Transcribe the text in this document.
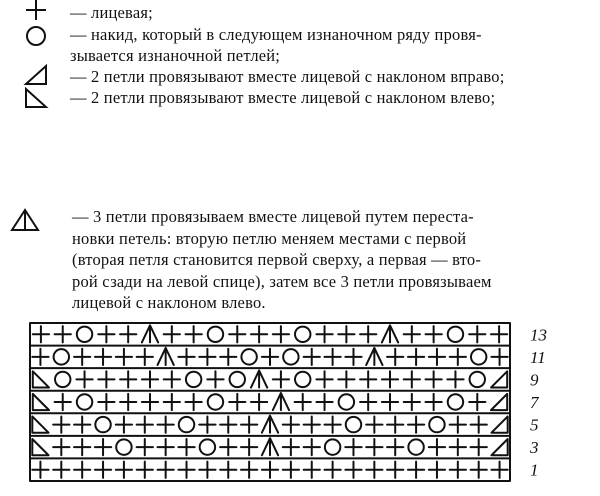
— лицевая;
— накид, который в следующем изнаночном ряду провя-
зывается изнаночной петлей;
— 2 петли провязывают вместе лицевой с наклоном вправо;
— 2 петли провязывают вместе лицевой с наклоном влево;
— 3 петли провязываем вместе лицевой путем переста-
новки петель: вторую петлю меняем местами с первой
(вторая петля становится первой сверху, а первая — вто-
рой сзади на левой спице), затем все 3 петли провязываем
лицевой с наклоном влево.
13
11
9
7
5
3
1
